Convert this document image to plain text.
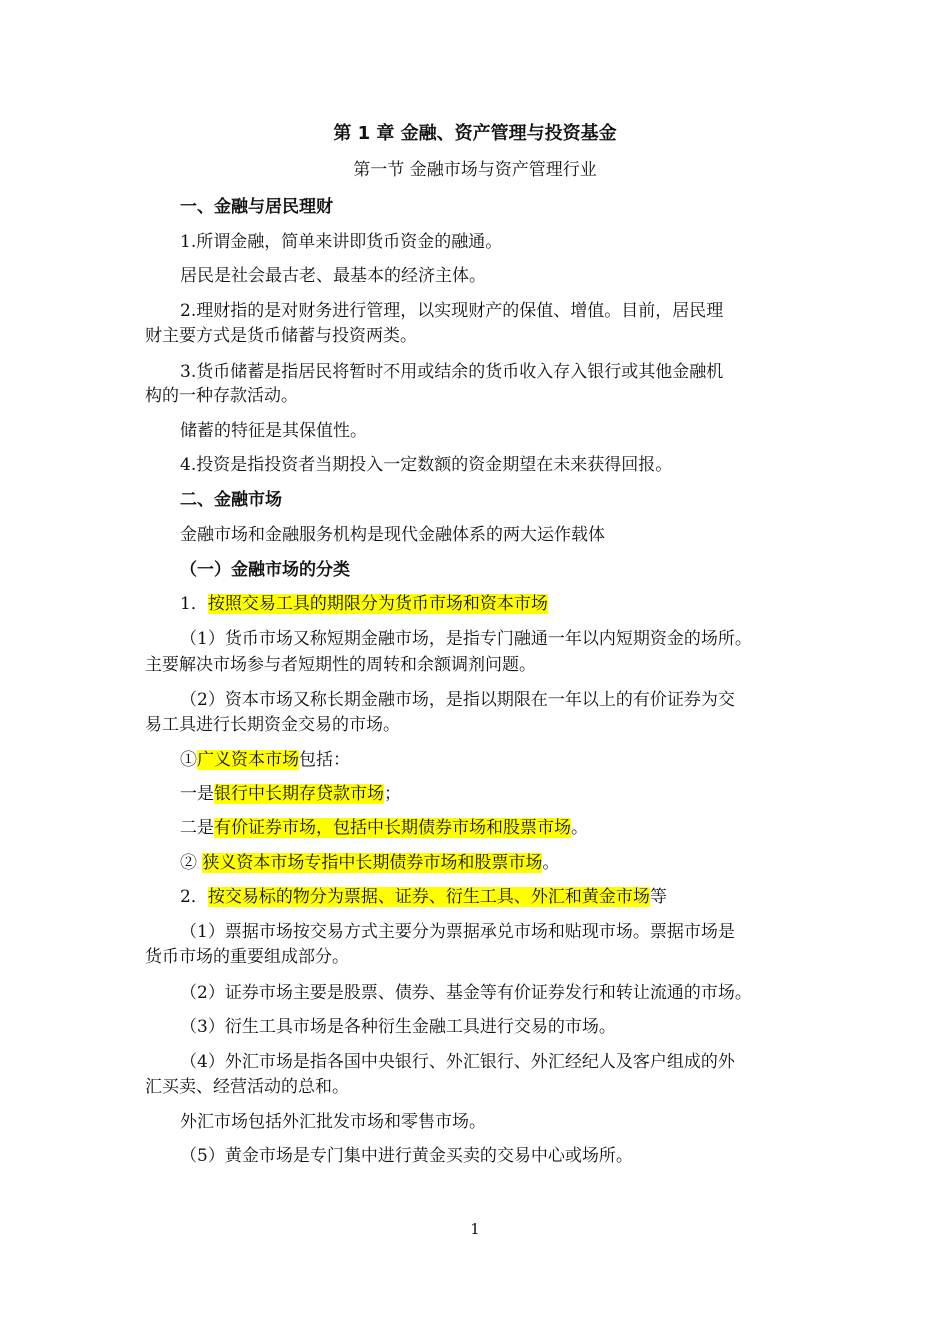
第 1 章 金融、资产管理与投资基金
第一节 金融市场与资产管理行业
一、金融与居民理财
1.所谓金融，简单来讲即货币资金的融通。
居民是社会最古老、最基本的经济主体。
2.理财指的是对财务进行管理，以实现财产的保值、增值。目前，居民理
财主要方式是货币储蓄与投资两类。
3.货币储蓄是指居民将暂时不用或结余的货币收入存入银行或其他金融机
构的一种存款活动。
储蓄的特征是其保值性。
4.投资是指投资者当期投入一定数额的资金期望在未来获得回报。
二、金融市场
金融市场和金融服务机构是现代金融体系的两大运作载体
（一）金融市场的分类
1．按照交易工具的期限分为货币市场和资本市场
（1）货币市场又称短期金融市场，是指专门融通一年以内短期资金的场所。
主要解决市场参与者短期性的周转和余额调剂问题。
（2）资本市场又称长期金融市场，是指以期限在一年以上的有价证券为交
易工具进行长期资金交易的市场。
①广义资本市场包括：
一是银行中长期存贷款市场；
二是有价证券市场，包括中长期债券市场和股票市场。
② 狭义资本市场专指中长期债券市场和股票市场。
2．按交易标的物分为票据、证券、衍生工具、外汇和黄金市场等
（1）票据市场按交易方式主要分为票据承兑市场和贴现市场。票据市场是
货币市场的重要组成部分。
（2）证券市场主要是股票、债券、基金等有价证券发行和转让流通的市场。
（3）衍生工具市场是各种衍生金融工具进行交易的市场。
（4）外汇市场是指各国中央银行、外汇银行、外汇经纪人及客户组成的外
汇买卖、经营活动的总和。
外汇市场包括外汇批发市场和零售市场。
（5）黄金市场是专门集中进行黄金买卖的交易中心或场所。
1
